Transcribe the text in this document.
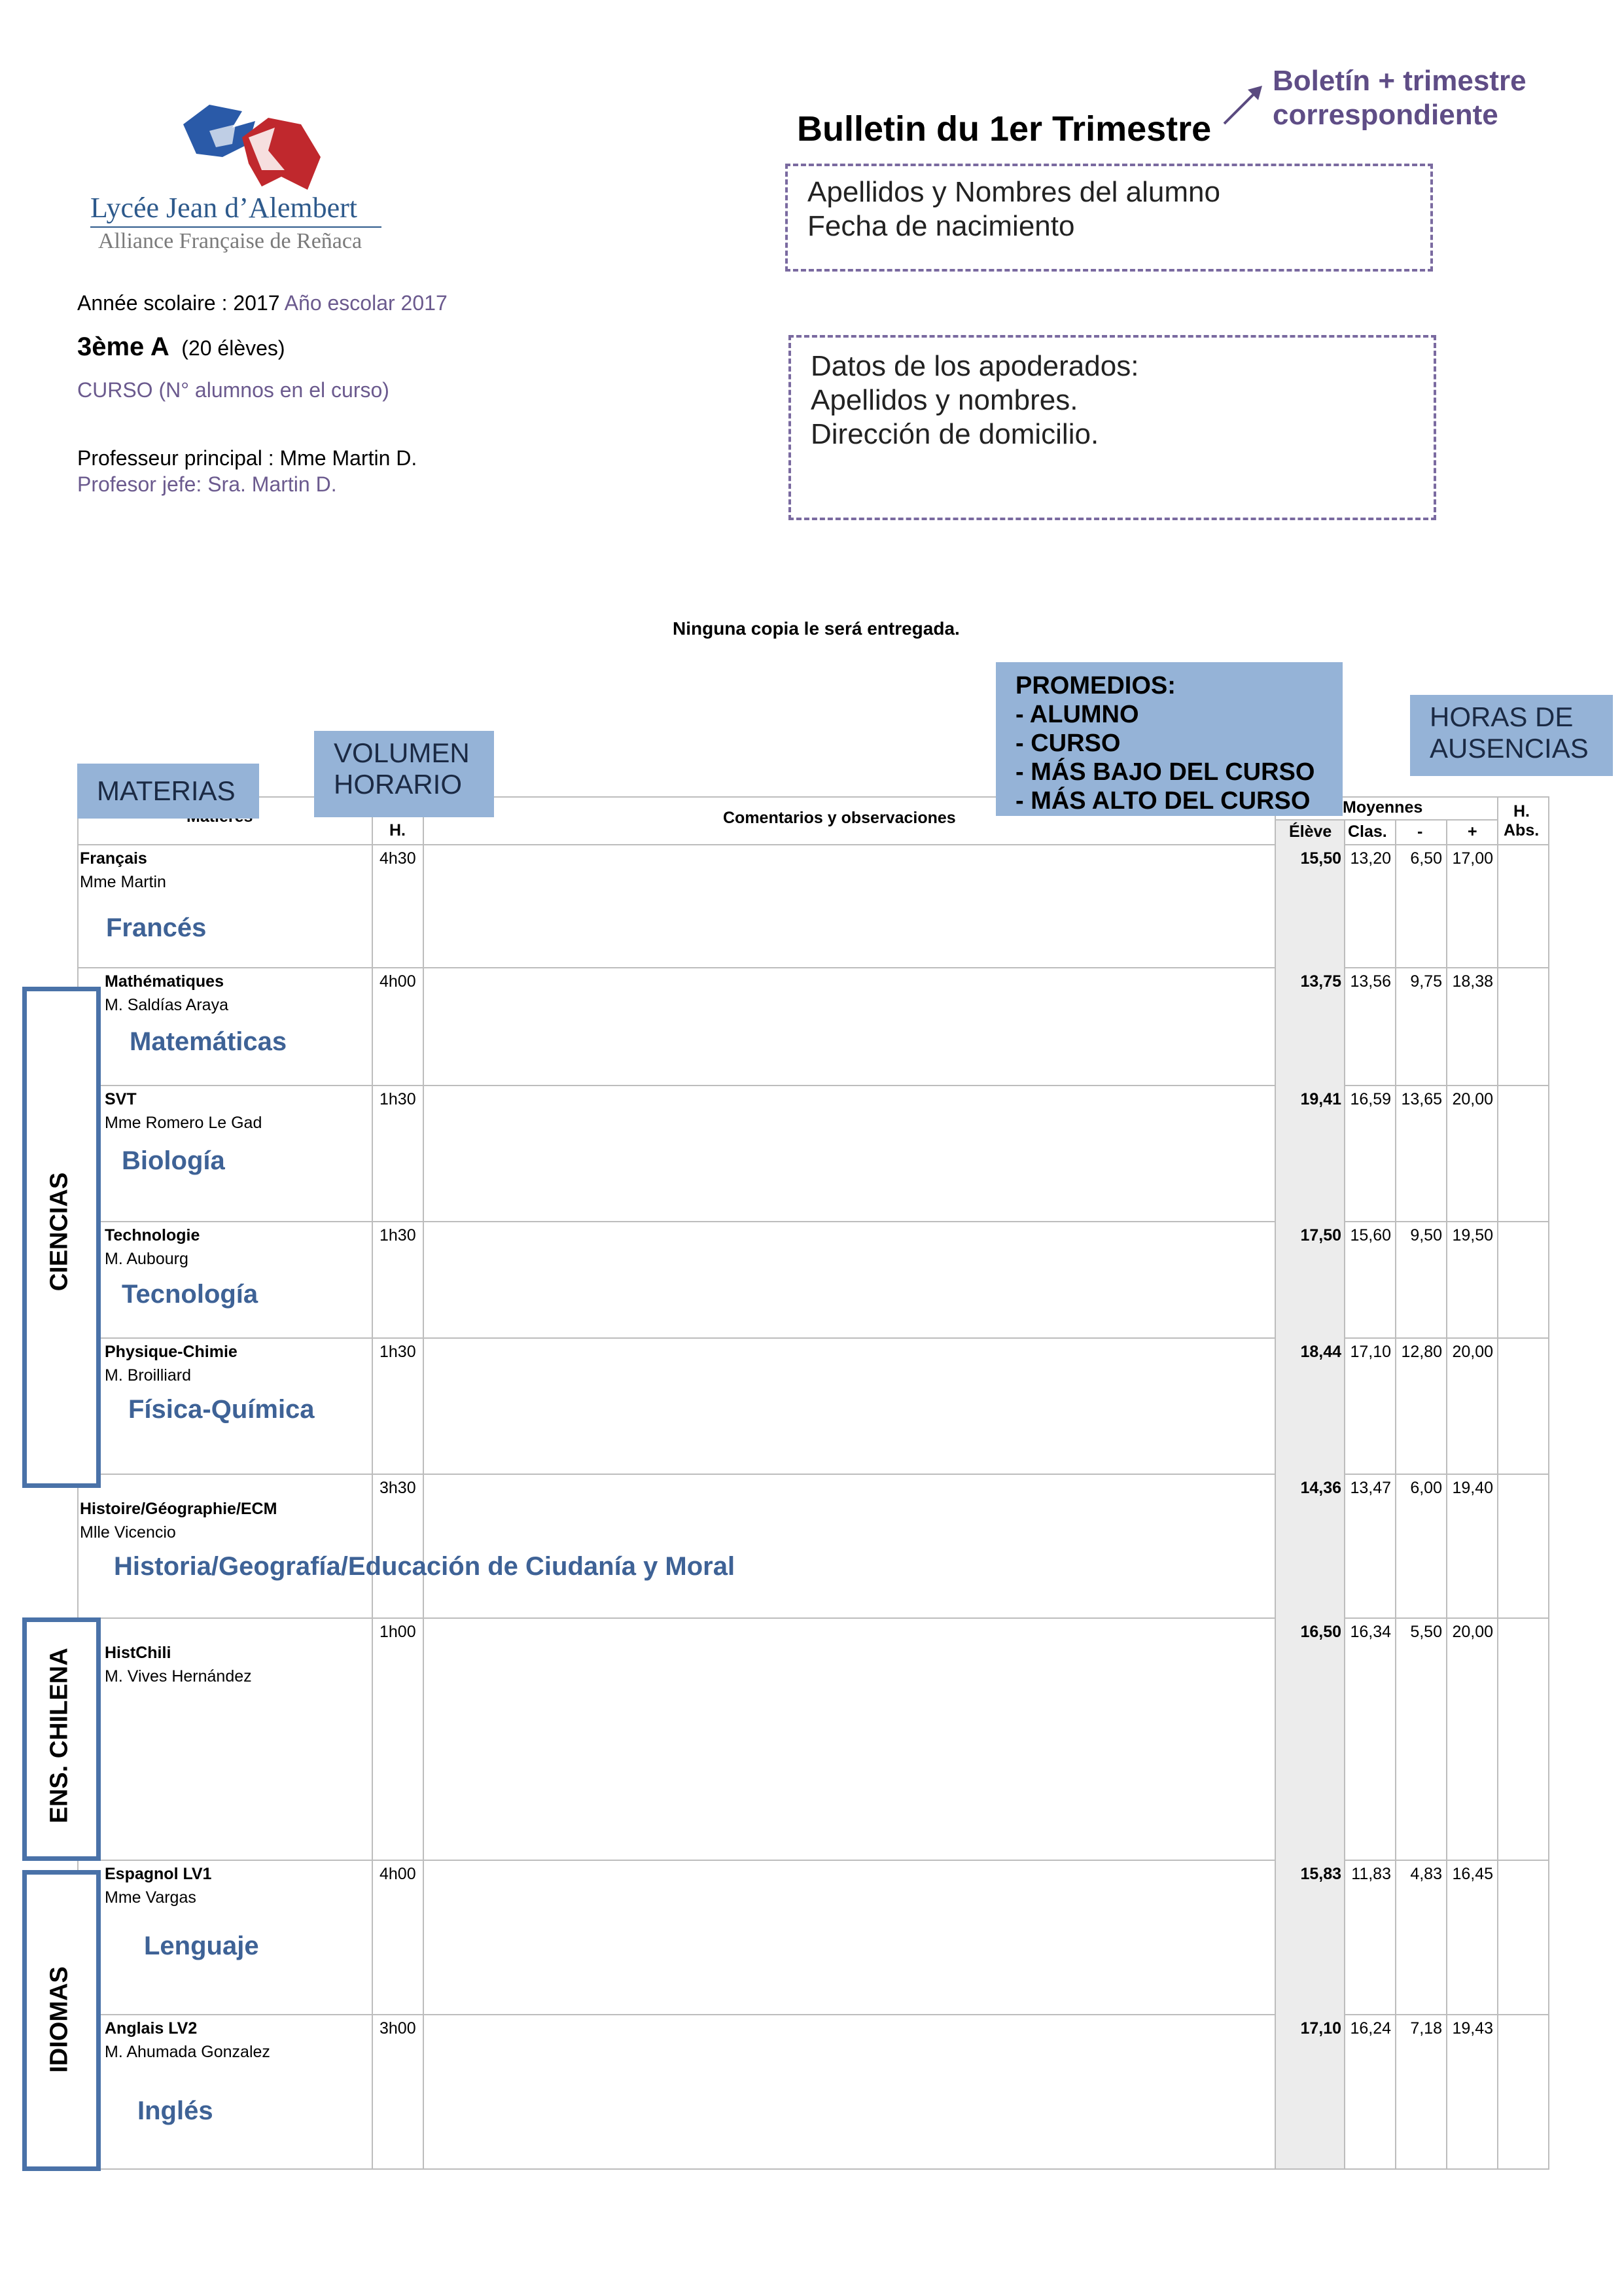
Lycée Jean d’Alembert
Alliance Française de Reñaca
Année scolaire : 2017 Año escolar 2017
3ème A (20 élèves)
CURSO (N° alumnos en el curso)
Professeur principal : Mme Martin D.
Profesor jefe: Sra. Martin D.
Bulletin du 1er Trimestre
Boletín + trimestre
correspondiente
Apellidos y Nombres del alumno
Fecha de nacimiento
Datos de los apoderados:
Apellidos y nombres.
Dirección de domicilio.
Ninguna copia le será entregada.
H.
Comentarios y observaciones
Moyennes
Élève Clas. -	+
H.
Abs.
Français
Mme Martin
4h30	15,50 13,20	6,50 17,00
Francés
Mathématiques
M. Saldías Araya
4h00	13,75 13,56	9,75 18,38
Matemáticas
SVT
Mme Romero Le Gad
1h30	19,41 16,59 13,65 20,00
Biología
Technologie
M. Aubourg
1h30	17,50 15,60	9,50 19,50
Tecnología
Physique-Chimie
M. Broilliard
1h30	18,44 17,10 12,80 20,00
Física-Química
Histoire/Géographie/ECM
Mlle Vicencio
3h30	14,36 13,47	6,00 19,40
Historia/Geografía/Educación de Ciudanía y Moral
HistChili
M. Vives Hernández
1h00	16,50 16,34	5,50 20,00
Espagnol LV1
Mme Vargas
4h00	15,83 11,83	4,83 16,45
Lenguaje
Anglais LV2
M. Ahumada Gonzalez
3h00	17,10 16,24	7,18 19,43
Inglés
CIENCIAS
ENS. CHILENA
IDIOMAS
MATERIAS
VOLUMEN
HORARIO
PROMEDIOS:
- ALUMNO
- CURSO
- MÁS BAJO DEL CURSO
- MÁS ALTO DEL CURSO
HORAS DE
AUSENCIAS
